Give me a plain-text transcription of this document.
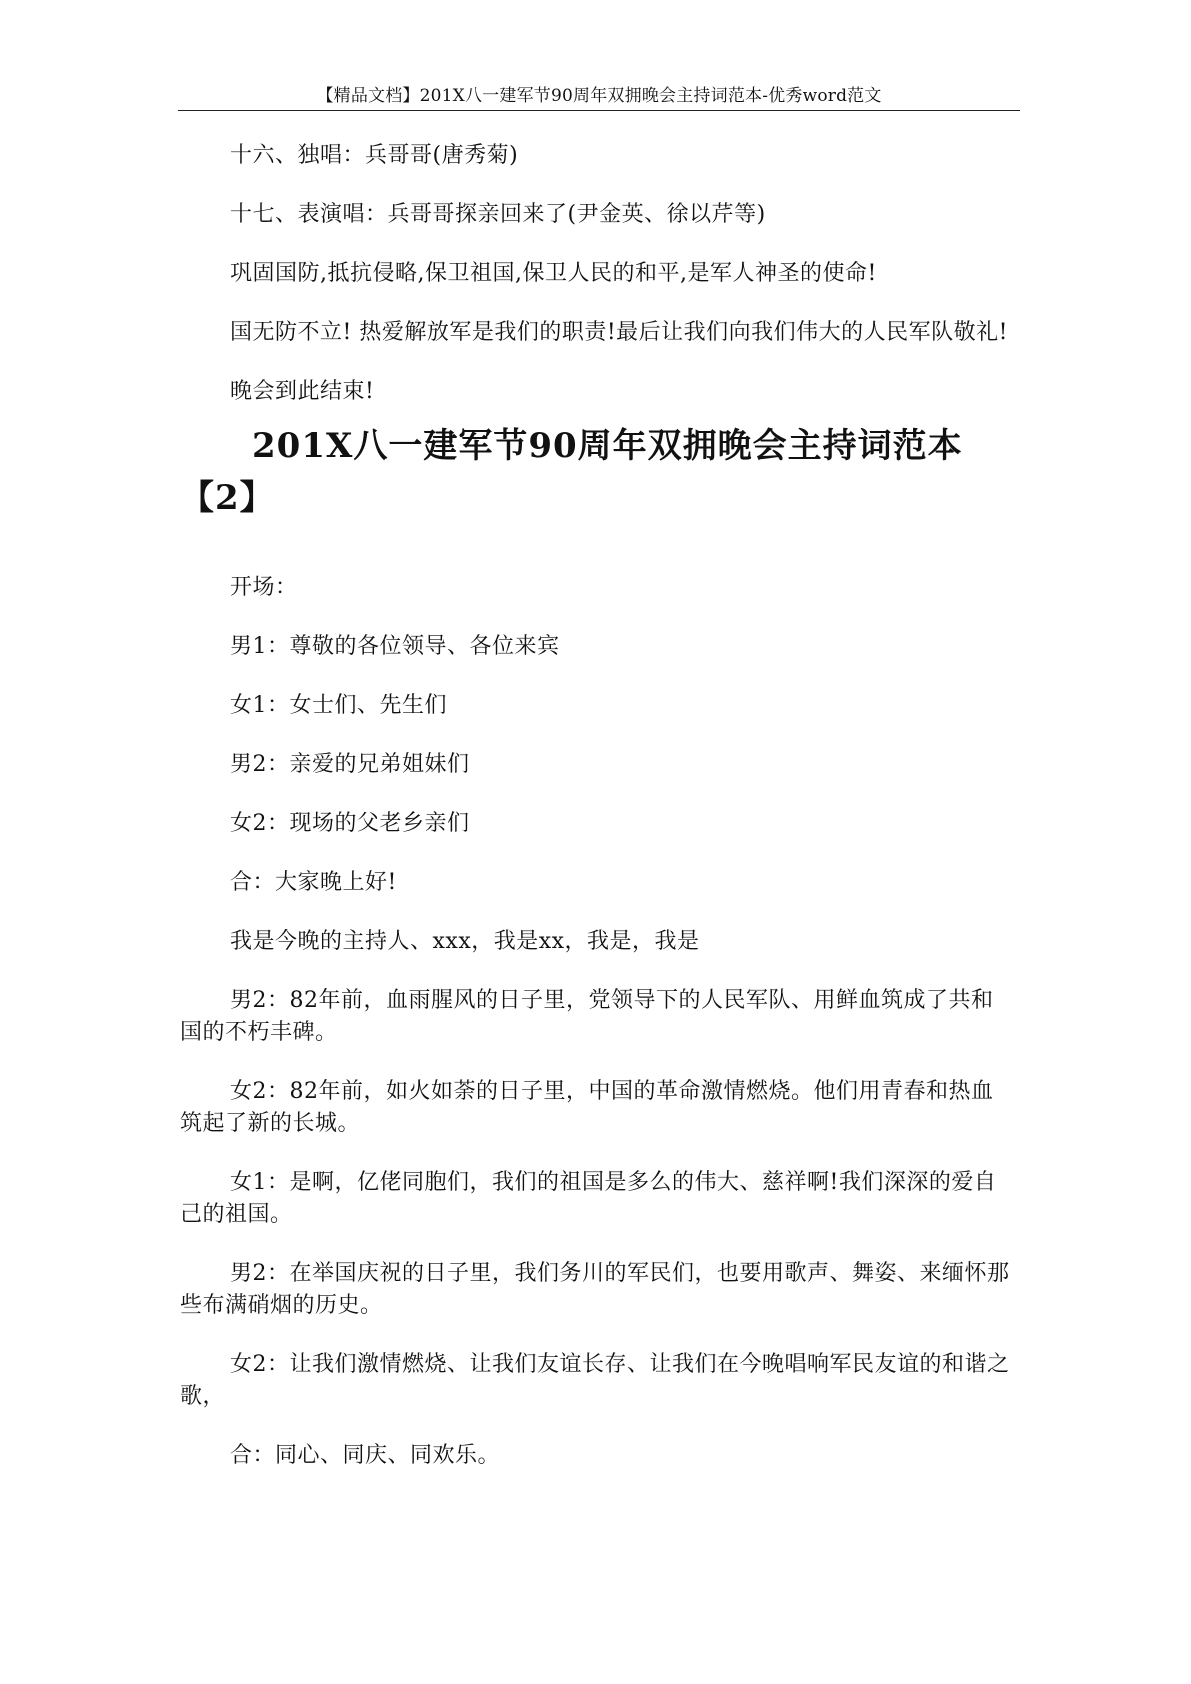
【精品文档】201X八一建军节90周年双拥晚会主持词范本-优秀word范文

十六、独唱：兵哥哥(唐秀菊)

十七、表演唱：兵哥哥探亲回来了(尹金英、徐以芹等)

巩固国防,抵抗侵略,保卫祖国,保卫人民的和平,是军人神圣的使命!

国无防不立! 热爱解放军是我们的职责!最后让我们向我们伟大的人民军队敬礼!

晚会到此结束!

201X八一建军节90周年双拥晚会主持词范本【2】

开场：

男1：尊敬的各位领导、各位来宾

女1：女士们、先生们

男2：亲爱的兄弟姐妹们

女2：现场的父老乡亲们

合：大家晚上好!

我是今晚的主持人、xxx，我是xx，我是，我是

男2：82年前，血雨腥风的日子里，党领导下的人民军队、用鲜血筑成了共和国的不朽丰碑。

女2：82年前，如火如荼的日子里，中国的革命激情燃烧。他们用青春和热血筑起了新的长城。

女1：是啊，亿佬同胞们，我们的祖国是多么的伟大、慈祥啊!我们深深的爱自己的祖国。

男2：在举国庆祝的日子里，我们务川的军民们，也要用歌声、舞姿、来缅怀那些布满硝烟的历史。

女2：让我们激情燃烧、让我们友谊长存、让我们在今晚唱响军民友谊的和谐之歌，

合：同心、同庆、同欢乐。
